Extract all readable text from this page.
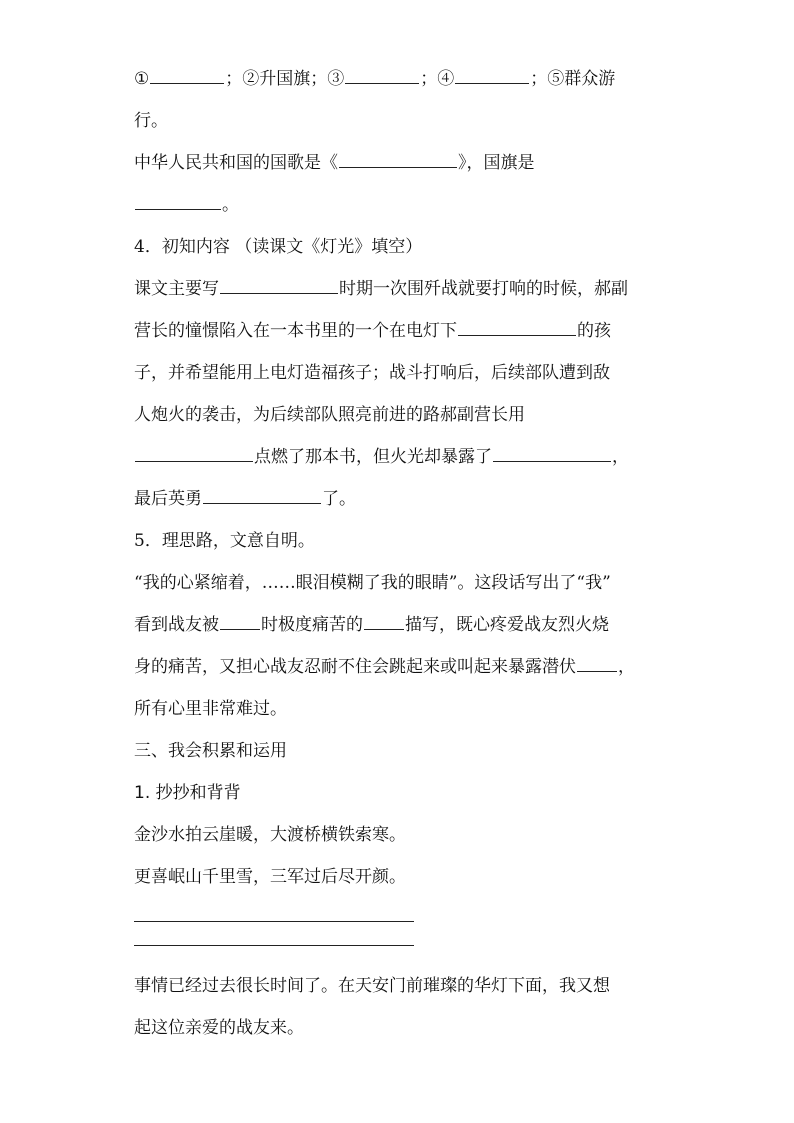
①	；②升国旗；③	；④	；⑤群众游
行。
中华人民共和国的国歌是《	》，国旗是
。
4．初知内容 （读课文《灯光》填空）
课文主要写	时期一次围歼战就要打响的时候，郝副
营长的憧憬陷入在一本书里的一个在电灯下	的孩
子，并希望能用上电灯造福孩子；战斗打响后，后续部队遭到敌
人炮火的袭击，为后续部队照亮前进的路郝副营长用
点燃了那本书，但火光却暴露了	，
最后英勇	了。
5．理思路，文意自明。
“我的心紧缩着，……眼泪模糊了我的眼睛”。这段话写出了“我”
看到战友被 时极度痛苦的 描写，既心疼爱战友烈火烧
身的痛苦，又担心战友忍耐不住会跳起来或叫起来暴露潜伏 ，
所有心里非常难过。
三、我会积累和运用
1. 抄抄和背背
金沙水拍云崖暖，大渡桥横铁索寒。
更喜岷山千里雪，三军过后尽开颜。
事情已经过去很长时间了。在天安门前璀璨的华灯下面，我又想
起这位亲爱的战友来。
